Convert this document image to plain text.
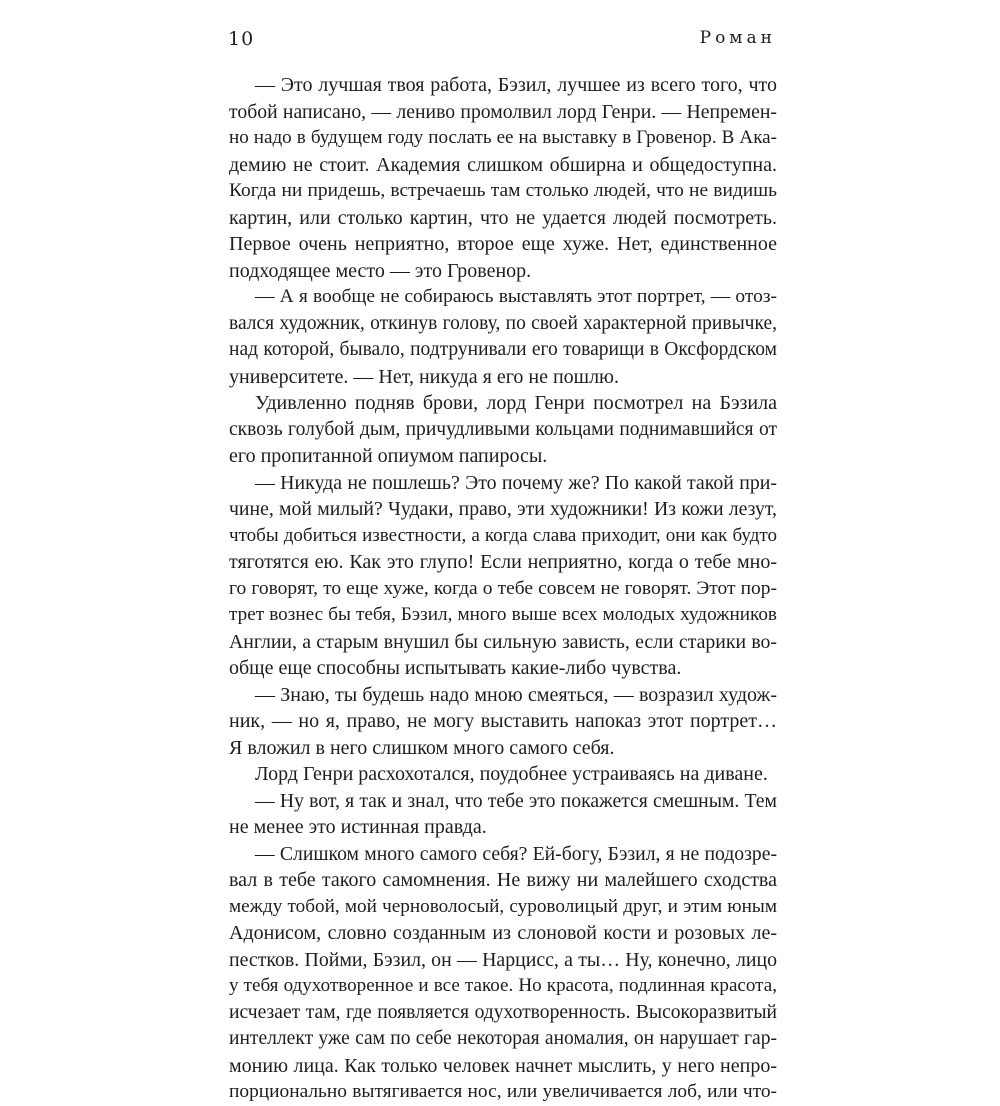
10	Роман
— Это лучшая твоя работа, Бэзил, лучшее из всего того, что
тобой написано, — лениво промолвил лорд Генри. — Непремен-
но надо в будущем году послать ее на выставку в Гровенор. В Ака-
демию не стоит. Академия слишком обширна и общедоступна.
Когда ни придешь, встречаешь там столько людей, что не видишь
картин, или столько картин, что не удается людей посмотреть.
Первое очень неприятно, второе еще хуже. Нет, единственное
подходящее место — это Гровенор.
— А я вообще не собираюсь выставлять этот портрет, — отоз-
вался художник, откинув голову, по своей характерной привычке,
над которой, бывало, подтрунивали его товарищи в Оксфордском
университете. — Нет, никуда я его не пошлю.
Удивленно подняв брови, лорд Генри посмотрел на Бэзила
сквозь голубой дым, причудливыми кольцами поднимавшийся от
его пропитанной опиумом папиросы.
— Никуда не пошлешь? Это почему же? По какой такой при-
чине, мой милый? Чудаки, право, эти художники! Из кожи лезут,
чтобы добиться известности, а когда слава приходит, они как будто
тяготятся ею. Как это глупо! Если неприятно, когда о тебе мно-
го говорят, то еще хуже, когда о тебе совсем не говорят. Этот пор-
трет вознес бы тебя, Бэзил, много выше всех молодых художников
Англии, а старым внушил бы сильную зависть, если старики во-
обще еще способны испытывать какие-либо чувства.
— Знаю, ты будешь надо мною смеяться, — возразил худож-
ник, — но я, право, не могу выставить напоказ этот портрет…
Я вложил в него слишком много самого себя.
Лорд Генри расхохотался, поудобнее устраиваясь на диване.
— Ну вот, я так и знал, что тебе это покажется смешным. Тем
не менее это истинная правда.
— Слишком много самого себя? Ей-богу, Бэзил, я не подозре-
вал в тебе такого самомнения. Не вижу ни малейшего сходства
между тобой, мой черноволосый, суроволицый друг, и этим юным
Адонисом, словно созданным из слоновой кости и розовых ле-
пестков. Пойми, Бэзил, он — Нарцисс, а ты… Ну, конечно, лицо
у тебя одухотворенное и все такое. Но красота, подлинная красота,
исчезает там, где появляется одухотворенность. Высокоразвитый
интеллект уже сам по себе некоторая аномалия, он нарушает гар-
монию лица. Как только человек начнет мыслить, у него непро-
порционально вытягивается нос, или увеличивается лоб, или что-
